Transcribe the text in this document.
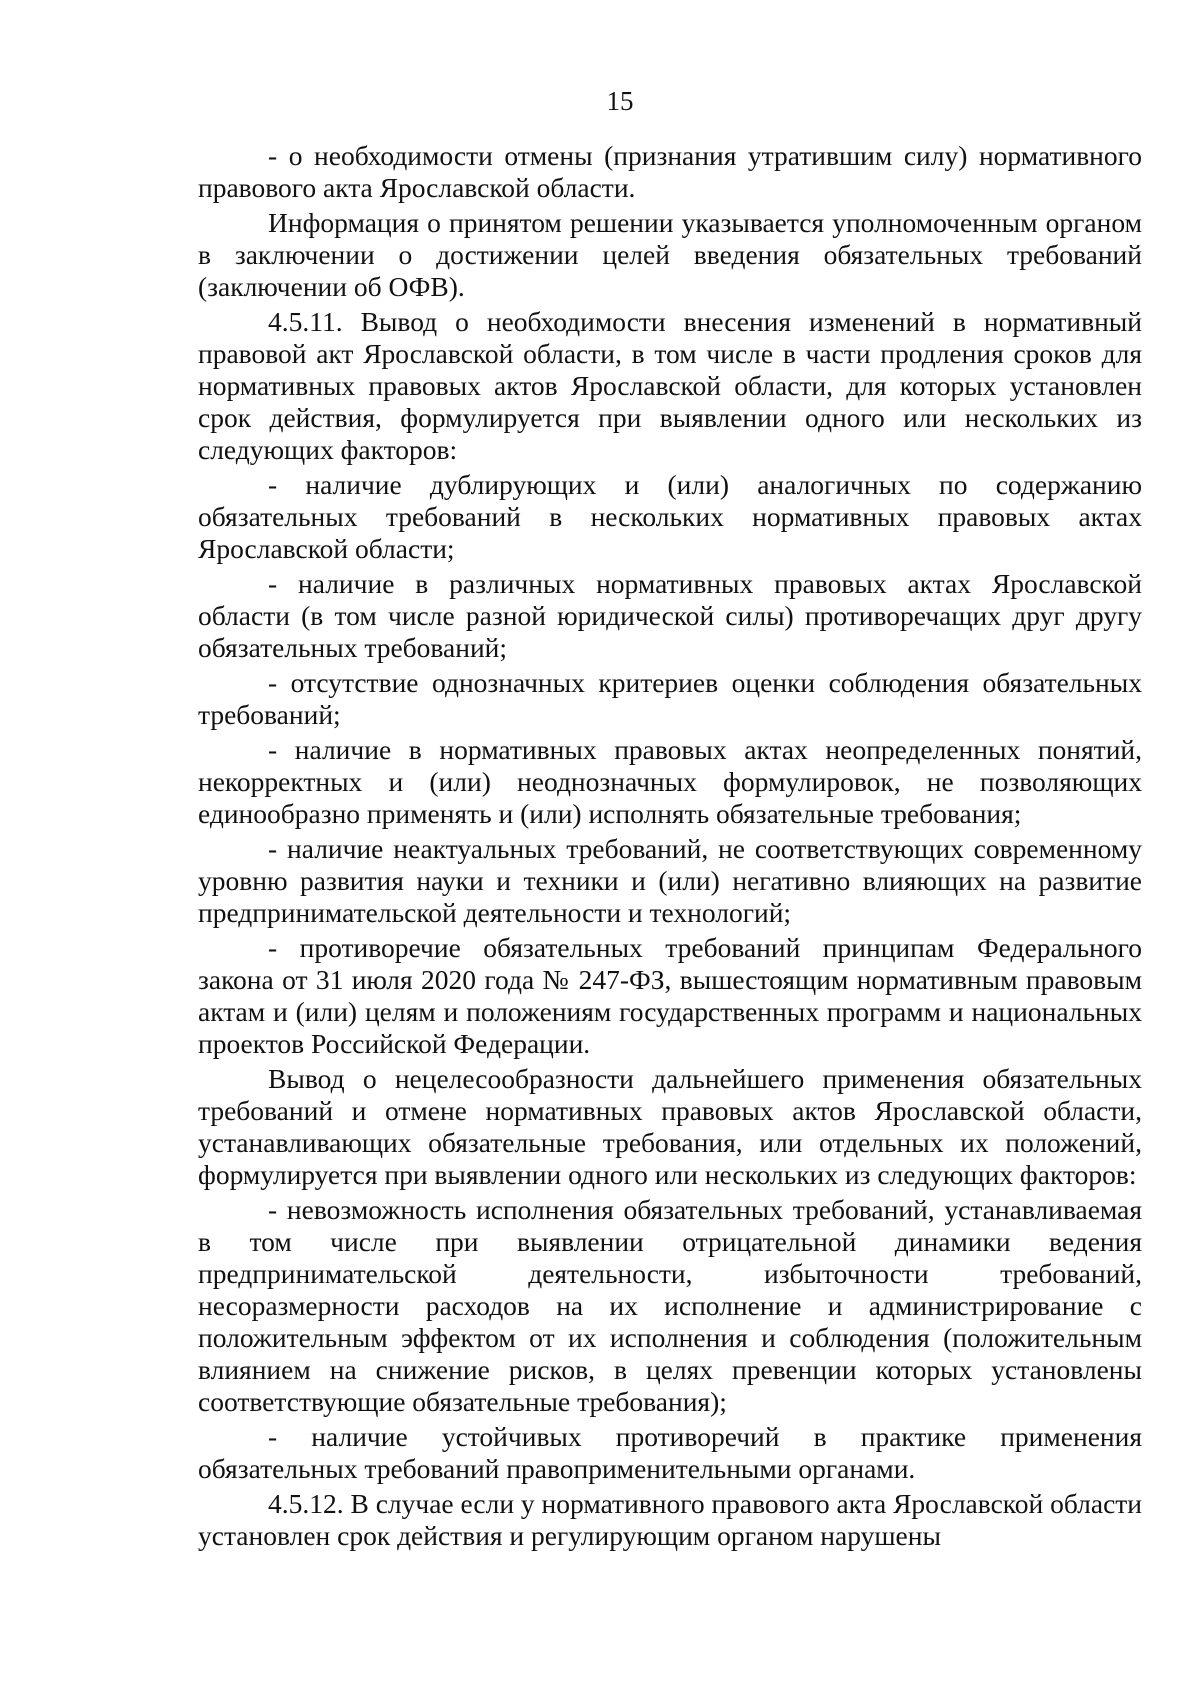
15

- о необходимости отмены (признания утратившим силу) нормативного правового акта Ярославской области.

Информация о принятом решении указывается уполномоченным органом в заключении о достижении целей введения обязательных требований (заключении об ОФВ).

4.5.11. Вывод о необходимости внесения изменений в нормативный правовой акт Ярославской области, в том числе в части продления сроков для нормативных правовых актов Ярославской области, для которых установлен срок действия, формулируется при выявлении одного или нескольких из следующих факторов:

- наличие дублирующих и (или) аналогичных по содержанию обязательных требований в нескольких нормативных правовых актах Ярославской области;

- наличие в различных нормативных правовых актах Ярославской области (в том числе разной юридической силы) противоречащих друг другу обязательных требований;

- отсутствие однозначных критериев оценки соблюдения обязательных требований;

- наличие в нормативных правовых актах неопределенных понятий, некорректных и (или) неоднозначных формулировок, не позволяющих единообразно применять и (или) исполнять обязательные требования;

- наличие неактуальных требований, не соответствующих современному уровню развития науки и техники и (или) негативно влияющих на развитие предпринимательской деятельности и технологий;

- противоречие обязательных требований принципам Федерального закона от 31 июля 2020 года № 247-ФЗ, вышестоящим нормативным правовым актам и (или) целям и положениям государственных программ и национальных проектов Российской Федерации.

Вывод о нецелесообразности дальнейшего применения обязательных требований и отмене нормативных правовых актов Ярославской области, устанавливающих обязательные требования, или отдельных их положений, формулируется при выявлении одного или нескольких из следующих факторов:

- невозможность исполнения обязательных требований, устанавливаемая в том числе при выявлении отрицательной динамики ведения предпринимательской деятельности, избыточности требований, несоразмерности расходов на их исполнение и администрирование с положительным эффектом от их исполнения и соблюдения (положительным влиянием на снижение рисков, в целях превенции которых установлены соответствующие обязательные требования);

- наличие устойчивых противоречий в практике применения обязательных требований правоприменительными органами.

4.5.12. В случае если у нормативного правового акта Ярославской области установлен срок действия и регулирующим органом нарушены
